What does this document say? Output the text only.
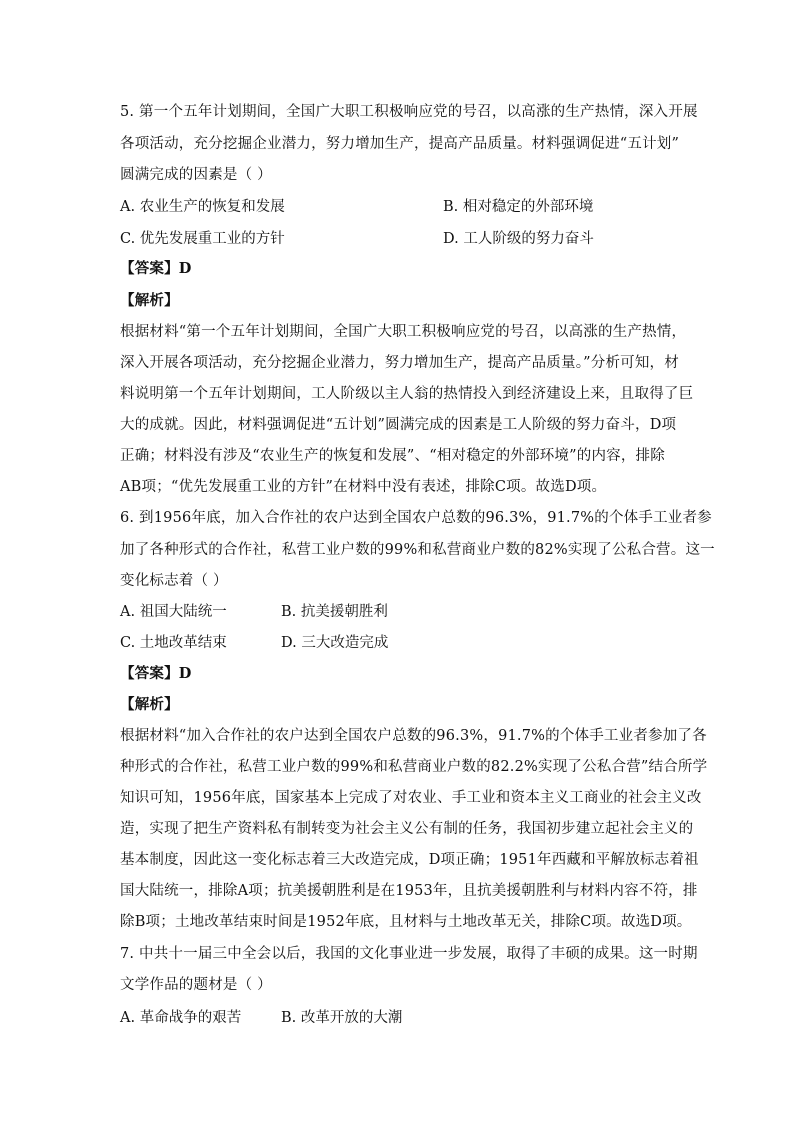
5. 第一个五年计划期间，全国广大职工积极响应党的号召，以高涨的生产热情，深入开展
各项活动，充分挖掘企业潜力，努力增加生产，提高产品质量。材料强调促进“五计划”
圆满完成的因素是（ ）
A. 农业生产的恢复和发展	B. 相对稳定的外部环境
C. 优先发展重工业的方针	D. 工人阶级的努力奋斗
【答案】D
【解析】
根据材料“第一个五年计划期间，全国广大职工积极响应党的号召，以高涨的生产热情，
深入开展各项活动，充分挖掘企业潜力，努力增加生产，提高产品质量。”分析可知，材
料说明第一个五年计划期间，工人阶级以主人翁的热情投入到经济建设上来，且取得了巨
大的成就。因此，材料强调促进“五计划”圆满完成的因素是工人阶级的努力奋斗，D项
正确；材料没有涉及“农业生产的恢复和发展”、“相对稳定的外部环境”的内容，排除
AB项；“优先发展重工业的方针”在材料中没有表述，排除C项。故选D项。
6. 到1956年底，加入合作社的农户达到全国农户总数的96.3%，91.7%的个体手工业者参
加了各种形式的合作社，私营工业户数的99%和私营商业户数的82%实现了公私合营。这一
变化标志着（ ）
A. 祖国大陆统一	B. 抗美援朝胜利
C. 土地改革结束	D. 三大改造完成
【答案】D
【解析】
根据材料“加入合作社的农户达到全国农户总数的96.3%，91.7%的个体手工业者参加了各
种形式的合作社，私营工业户数的99%和私营商业户数的82.2%实现了公私合营”结合所学
知识可知，1956年底，国家基本上完成了对农业、手工业和资本主义工商业的社会主义改
造，实现了把生产资料私有制转变为社会主义公有制的任务，我国初步建立起社会主义的
基本制度，因此这一变化标志着三大改造完成，D项正确；1951年西藏和平解放标志着祖
国大陆统一，排除A项；抗美援朝胜利是在1953年，且抗美援朝胜利与材料内容不符，排
除B项；土地改革结束时间是1952年底，且材料与土地改革无关，排除C项。故选D项。
7. 中共十一届三中全会以后，我国的文化事业进一步发展，取得了丰硕的成果。这一时期
文学作品的题材是（ ）
A. 革命战争的艰苦	B. 改革开放的大潮
